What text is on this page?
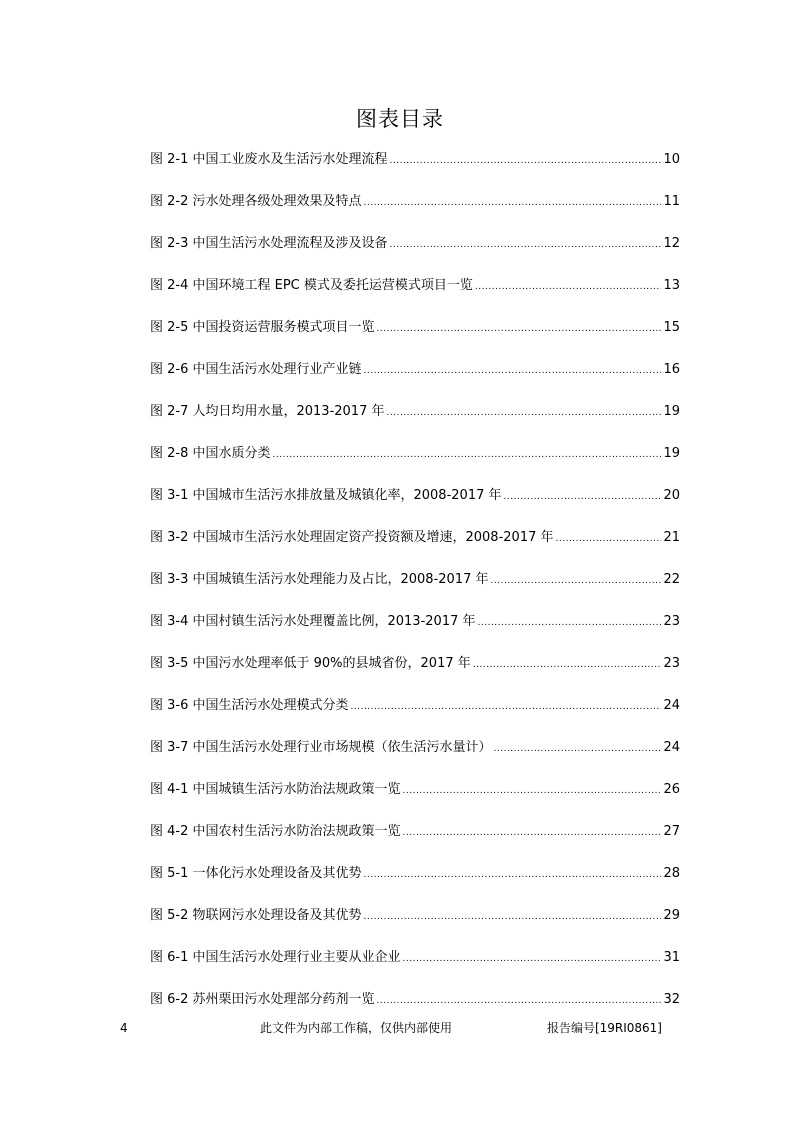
图表目录
图 2-1 中国工业废水及生活污水处理流程 .....	10
图 2-2 污水处理各级处理效果及特点 .....	11
图 2-3 中国生活污水处理流程及涉及设备 .....	12
图 2-4 中国环境工程 EPC 模式及委托运营模式项目一览 .....	13
图 2-5 中国投资运营服务模式项目一览 .....	15
图 2-6 中国生活污水处理行业产业链 .....	16
图 2-7 人均日均用水量，2013-2017 年 .....	19
图 2-8 中国水质分类 .....	19
图 3-1 中国城市生活污水排放量及城镇化率，2008-2017 年 .....	20
图 3-2 中国城市生活污水处理固定资产投资额及增速，2008-2017 年 .....	21
图 3-3 中国城镇生活污水处理能力及占比，2008-2017 年 .....	22
图 3-4 中国村镇生活污水处理覆盖比例，2013-2017 年 .....	23
图 3-5 中国污水处理率低于 90%的县城省份，2017 年 .....	23
图 3-6 中国生活污水处理模式分类 .....	24
图 3-7 中国生活污水处理行业市场规模（依生活污水量计） .....	24
图 4-1 中国城镇生活污水防治法规政策一览 .....	26
图 4-2 中国农村生活污水防治法规政策一览 .....	27
图 5-1 一体化污水处理设备及其优势 .....	28
图 5-2 物联网污水处理设备及其优势 .....	29
图 6-1 中国生活污水处理行业主要从业企业 .....	31
图 6-2 苏州栗田污水处理部分药剂一览 .....	32
4	此文件为内部工作稿，仅供内部使用	报告编号[19RI0861]
